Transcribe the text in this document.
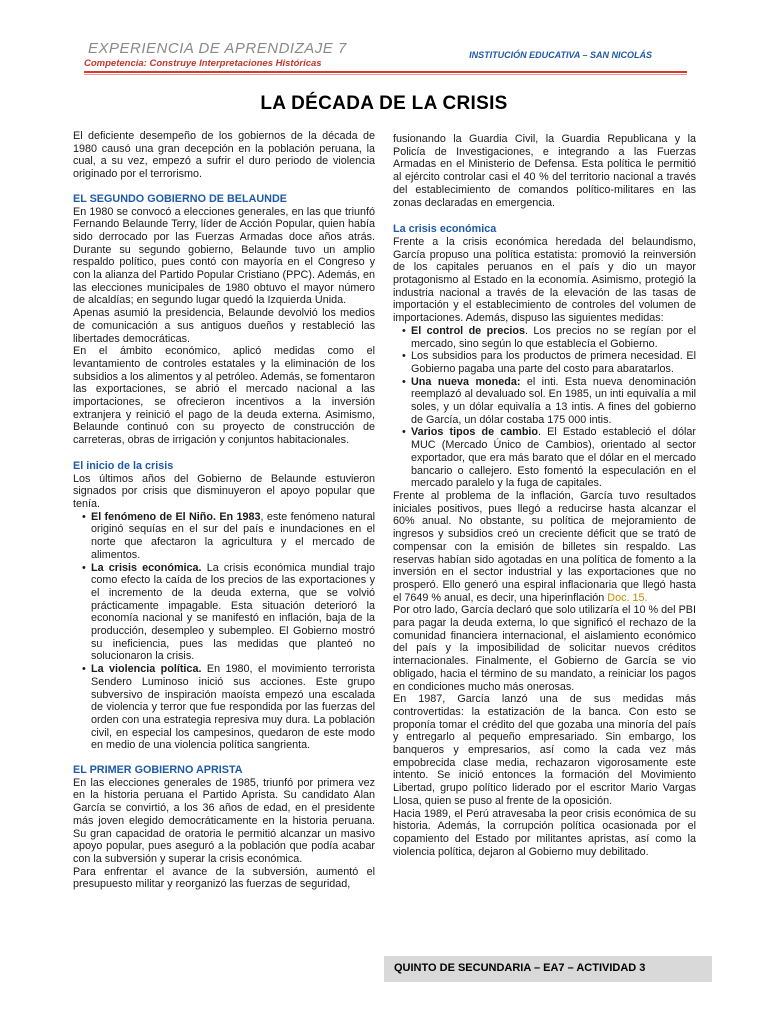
EXPERIENCIA DE APRENDIZAJE 7
Competencia: Construye Interpretaciones Históricas
INSTITUCIÓN EDUCATIVA – SAN NICOLÁS
LA DÉCADA DE LA CRISIS

El deficiente desempeño de los gobiernos de la década de 1980 causó una gran decepción en la población peruana, la cual, a su vez, empezó a sufrir el duro periodo de violencia originado por el terrorismo.

EL SEGUNDO GOBIERNO DE BELAUNDE

En 1980 se convocó a elecciones generales, en las que triunfó Fernando Belaunde Terry, líder de Acción Popular, quien había sido derrocado por las Fuerzas Armadas doce años atrás. Durante su segundo gobierno, Belaunde tuvo un amplio respaldo político, pues contó con mayoría en el Congreso y con la alianza del Partido Popular Cristiano (PPC). Además, en las elecciones municipales de 1980 obtuvo el mayor número de alcaldías; en segundo lugar quedó la Izquierda Unida.

Apenas asumió la presidencia, Belaunde devolvió los medios de comunicación a sus antiguos dueños y restableció las libertades democráticas.

En el ámbito económico, aplicó medidas como el levantamiento de controles estatales y la eliminación de los subsidios a los alimentos y al petróleo. Además, se fomentaron las exportaciones, se abrió el mercado nacional a las importaciones, se ofrecieron incentivos a la inversión extranjera y reinició el pago de la deuda externa. Asimismo, Belaunde continuó con su proyecto de construcción de carreteras, obras de irrigación y conjuntos habitacionales.

El inicio de la crisis

Los últimos años del Gobierno de Belaunde estuvieron signados por crisis que disminuyeron el apoyo popular que tenía.

• El fenómeno de El Niño. En 1983, este fenómeno natural originó sequías en el sur del país e inundaciones en el norte que afectaron la agricultura y el mercado de alimentos.
• La crisis económica. La crisis económica mundial trajo como efecto la caída de los precios de las exportaciones y el incremento de la deuda externa, que se volvió prácticamente impagable. Esta situación deterioró la economía nacional y se manifestó en inflación, baja de la producción, desempleo y subempleo. El Gobierno mostró su ineficiencia, pues las medidas que planteó no solucionaron la crisis.
• La violencia política. En 1980, el movimiento terrorista Sendero Luminoso inició sus acciones. Este grupo subversivo de inspiración maoísta empezó una escalada de violencia y terror que fue respondida por las fuerzas del orden con una estrategia represiva muy dura. La población civil, en especial los campesinos, quedaron de este modo en medio de una violencia política sangrienta.

EL PRIMER GOBIERNO APRISTA

En las elecciones generales de 1985, triunfó por primera vez en la historia peruana el Partido Aprista. Su candidato Alan García se convirtió, a los 36 años de edad, en el presidente más joven elegido democráticamente en la historia peruana. Su gran capacidad de oratoria le permitió alcanzar un masivo apoyo popular, pues aseguró a la población que podía acabar con la subversión y superar la crisis económica.

Para enfrentar el avance de la subversión, aumentó el presupuesto militar y reorganizó las fuerzas de seguridad,

fusionando la Guardia Civil, la Guardia Republicana y la Policía de Investigaciones, e integrando a las Fuerzas Armadas en el Ministerio de Defensa. Esta política le permitió al ejército controlar casi el 40 % del territorio nacional a través del establecimiento de comandos político-militares en las zonas declaradas en emergencia.

La crisis económica

Frente a la crisis económica heredada del belaundismo, García propuso una política estatista: promovió la reinversión de los capitales peruanos en el país y dio un mayor protagonismo al Estado en la economía. Asimismo, protegió la industria nacional a través de la elevación de las tasas de importación y el establecimiento de controles del volumen de importaciones. Además, dispuso las siguientes medidas:

• El control de precios. Los precios no se regían por el mercado, sino según lo que establecía el Gobierno.
• Los subsidios para los productos de primera necesidad. El Gobierno pagaba una parte del costo para abaratarlos.
• Una nueva moneda: el inti. Esta nueva denominación reemplazó al devaluado sol. En 1985, un inti equivalía a mil soles, y un dólar equivalía a 13 intis. A fines del gobierno de García, un dólar costaba 175 000 intis.
• Varios tipos de cambio. El Estado estableció el dólar MUC (Mercado Único de Cambios), orientado al sector exportador, que era más barato que el dólar en el mercado bancario o callejero. Esto fomentó la especulación en el mercado paralelo y la fuga de capitales.

Frente al problema de la inflación, García tuvo resultados iniciales positivos, pues llegó a reducirse hasta alcanzar el 60% anual. No obstante, su política de mejoramiento de ingresos y subsidios creó un creciente déficit que se trató de compensar con la emisión de billetes sin respaldo. Las reservas habían sido agotadas en una política de fomento a la inversión en el sector industrial y las exportaciones que no prosperó. Ello generó una espiral inflacionaria que llegó hasta el 7649 % anual, es decir, una hiperinflación Doc. 15.

Por otro lado, García declaró que solo utilizaría el 10 % del PBI para pagar la deuda externa, lo que significó el rechazo de la comunidad financiera internacional, el aislamiento económico del país y la imposibilidad de solicitar nuevos créditos internacionales. Finalmente, el Gobierno de García se vio obligado, hacia el término de su mandato, a reiniciar los pagos en condiciones mucho más onerosas.

En 1987, García lanzó una de sus medidas más controvertidas: la estatización de la banca. Con esto se proponía tomar el crédito del que gozaba una minoría del país y entregarlo al pequeño empresariado. Sin embargo, los banqueros y empresarios, así como la cada vez más empobrecida clase media, rechazaron vigorosamente este intento. Se inició entonces la formación del Movimiento Libertad, grupo político liderado por el escritor Mario Vargas Llosa, quien se puso al frente de la oposición.

Hacia 1989, el Perú atravesaba la peor crisis económica de su historia. Además, la corrupción política ocasionada por el copamiento del Estado por militantes apristas, así como la violencia política, dejaron al Gobierno muy debilitado.

QUINTO DE SECUNDARIA – EA7 – ACTIVIDAD 3
